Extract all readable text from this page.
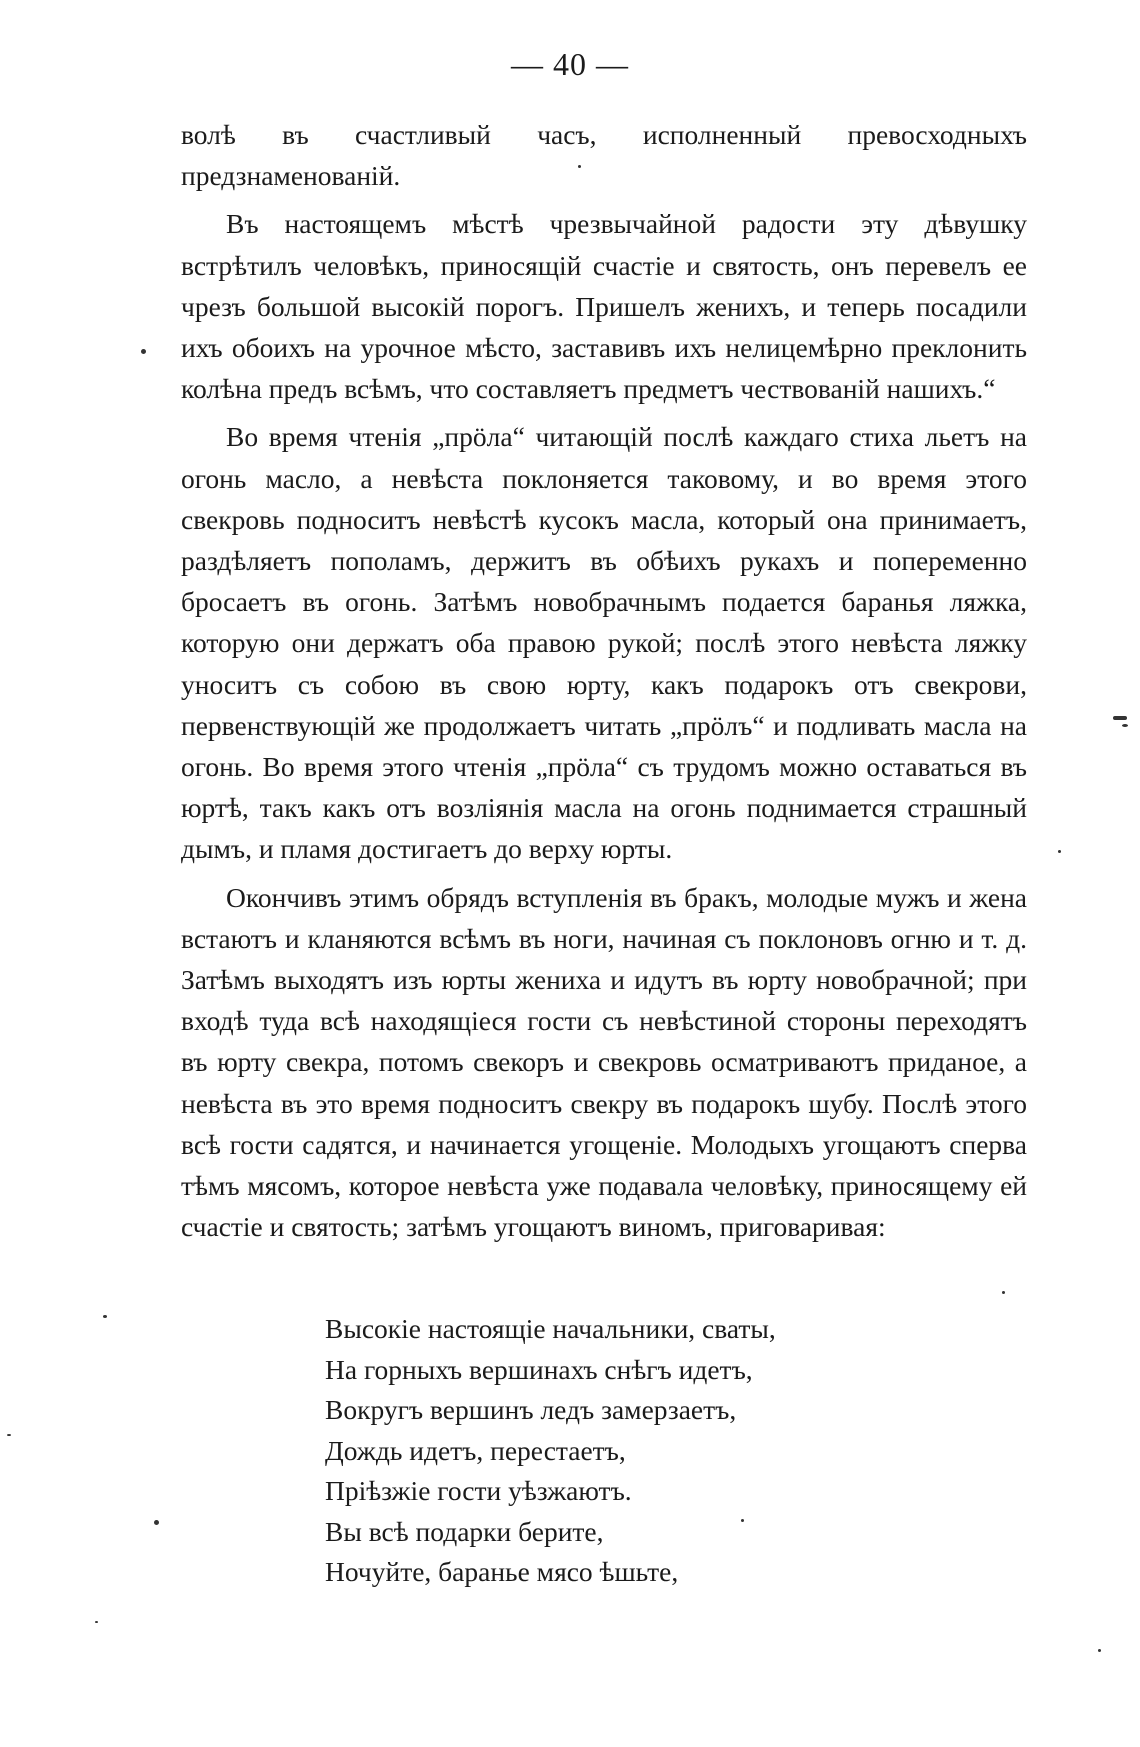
— 40 —

волѣ въ счастливый часъ, исполненный превосходныхъ предзнаменованій.

Въ настоящемъ мѣстѣ чрезвычайной радости эту дѣвушку встрѣтилъ человѣкъ, приносящій счастіе и святость, онъ перевелъ ее чрезъ большой высокій порогъ. Пришелъ женихъ, и теперь посадили ихъ обоихъ на урочное мѣсто, заставивъ ихъ нелицемѣрно преклонить колѣна предъ всѣмъ, что составляетъ предметъ чествованій нашихъ.“

Во время чтенія „прӧла“ читающій послѣ каждаго стиха льетъ на огонь масло, а невѣста поклоняется таковому, и во время этого свекровь подноситъ невѣстѣ кусокъ масла, который она принимаетъ, раздѣляетъ пополамъ, держитъ въ обѣихъ рукахъ и попеременно бросаетъ въ огонь. Затѣмъ новобрачнымъ подается баранья ляжка, которую они держатъ оба правою рукой; послѣ этого невѣста ляжку уноситъ съ собою въ свою юрту, какъ подарокъ отъ свекрови, первенствующій же продолжаетъ читать „прӧлъ“ и подливать масла на огонь. Во время этого чтенія „прӧла“ съ трудомъ можно оставаться въ юртѣ, такъ какъ отъ возліянія масла на огонь поднимается страшный дымъ, и пламя достигаетъ до верху юрты.

Окончивъ этимъ обрядъ вступленія въ бракъ, молодые мужъ и жена встаютъ и кланяются всѣмъ въ ноги, начиная съ поклоновъ огню и т. д. Затѣмъ выходятъ изъ юрты жениха и идутъ въ юрту новобрачной; при входѣ туда всѣ находящіеся гости съ невѣстиной стороны переходятъ въ юрту свекра, потомъ свекоръ и свекровь осматриваютъ приданое, а невѣста въ это время подноситъ свекру въ подарокъ шубу. Послѣ этого всѣ гости садятся, и начинается угощеніе. Молодыхъ угощаютъ сперва тѣмъ мясомъ, которое невѣста уже подавала человѣку, приносящему ей счастіе и святость; затѣмъ угощаютъ виномъ, приговаривая:

Высокіе настоящіе начальники, сваты,
На горныхъ вершинахъ снѣгъ идетъ,
Вокругъ вершинъ ледъ замерзаетъ,
Дождь идетъ, перестаетъ,
Пріѣзжіе гости уѣзжаютъ.
Вы всѣ подарки берите,
Ночуйте, баранье мясо ѣшьте,
